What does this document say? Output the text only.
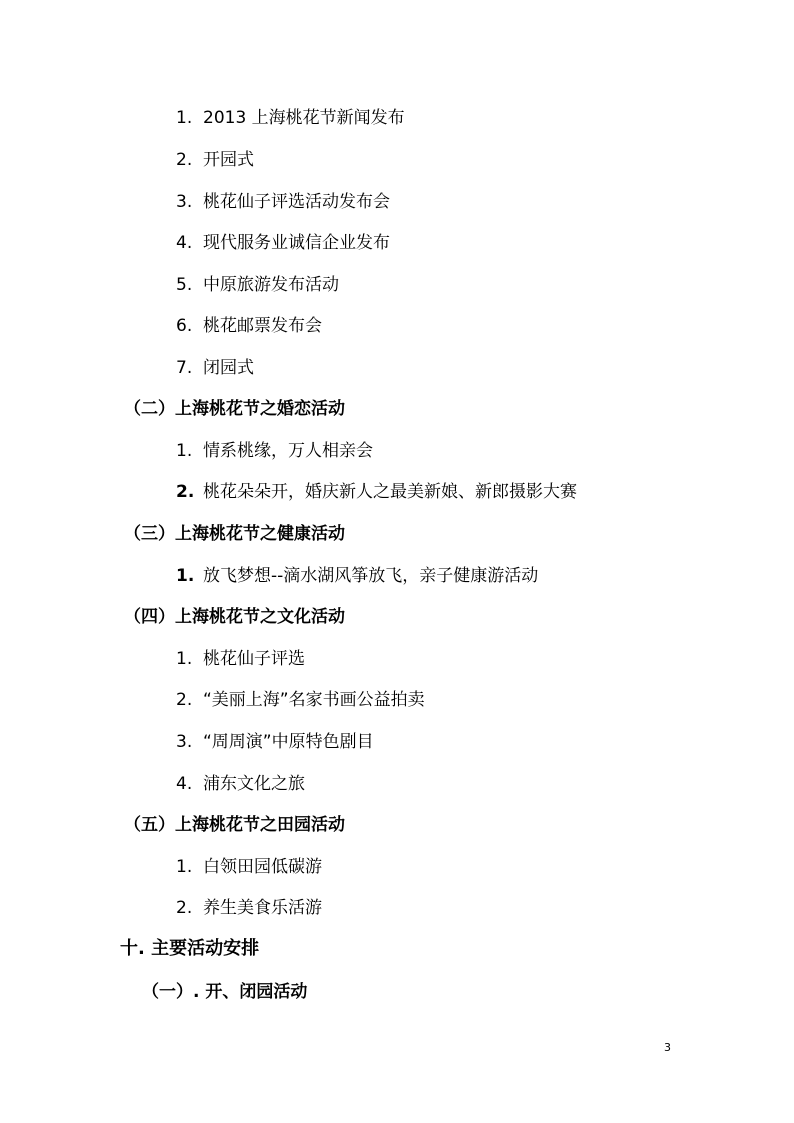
1. 2013 上海桃花节新闻发布
2. 开园式
3. 桃花仙子评选活动发布会
4. 现代服务业诚信企业发布
5. 中原旅游发布活动
6. 桃花邮票发布会
7. 闭园式
（二）上海桃花节之婚恋活动
1. 情系桃缘，万人相亲会
2. 桃花朵朵开，婚庆新人之最美新娘、新郎摄影大赛
（三）上海桃花节之健康活动
1. 放飞梦想--滴水湖风筝放飞，亲子健康游活动
（四）上海桃花节之文化活动
1. 桃花仙子评选
2. “美丽上海”名家书画公益拍卖
3. “周周演”中原特色剧目
4. 浦东文化之旅
（五）上海桃花节之田园活动
1. 白领田园低碳游
2. 养生美食乐活游
十. 主要活动安排
（一）. 开、闭园活动
3
